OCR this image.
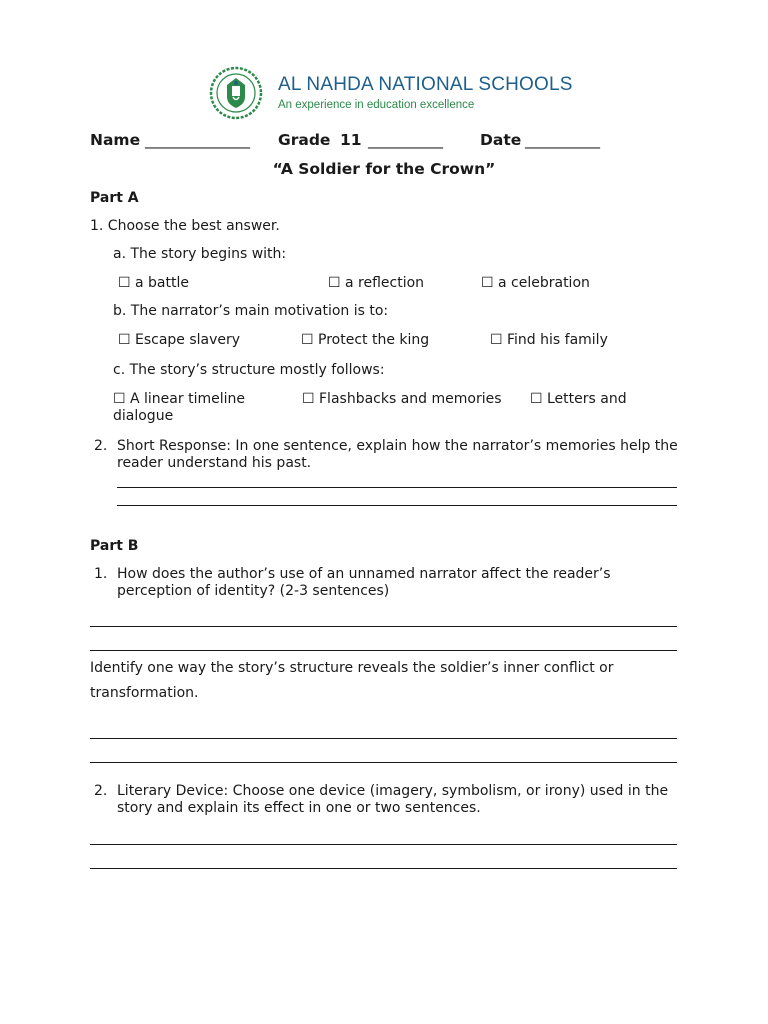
AL NAHDA NATIONAL SCHOOLS
An experience in education excellence
Name ______________ Grade 11 __________ Date __________
“A Soldier for the Crown”
Part A
1. Choose the best answer.
a. The story begins with:
☐ a battle	☐ a reflection	☐ a celebration
b. The narrator’s main motivation is to:
☐ Escape slavery	☐ Protect the king	☐ Find his family
c. The story’s structure mostly follows:
☐ A linear timeline	☐ Flashbacks and memories ☐ Letters and
dialogue
2. Short Response: In one sentence, explain how the narrator’s memories help the
reader understand his past.
Part B
1. How does the author’s use of an unnamed narrator affect the reader’s
perception of identity? (2-3 sentences)
Identify one way the story’s structure reveals the soldier’s inner conflict or
transformation.
2. Literary Device: Choose one device (imagery, symbolism, or irony) used in the
story and explain its effect in one or two sentences.
